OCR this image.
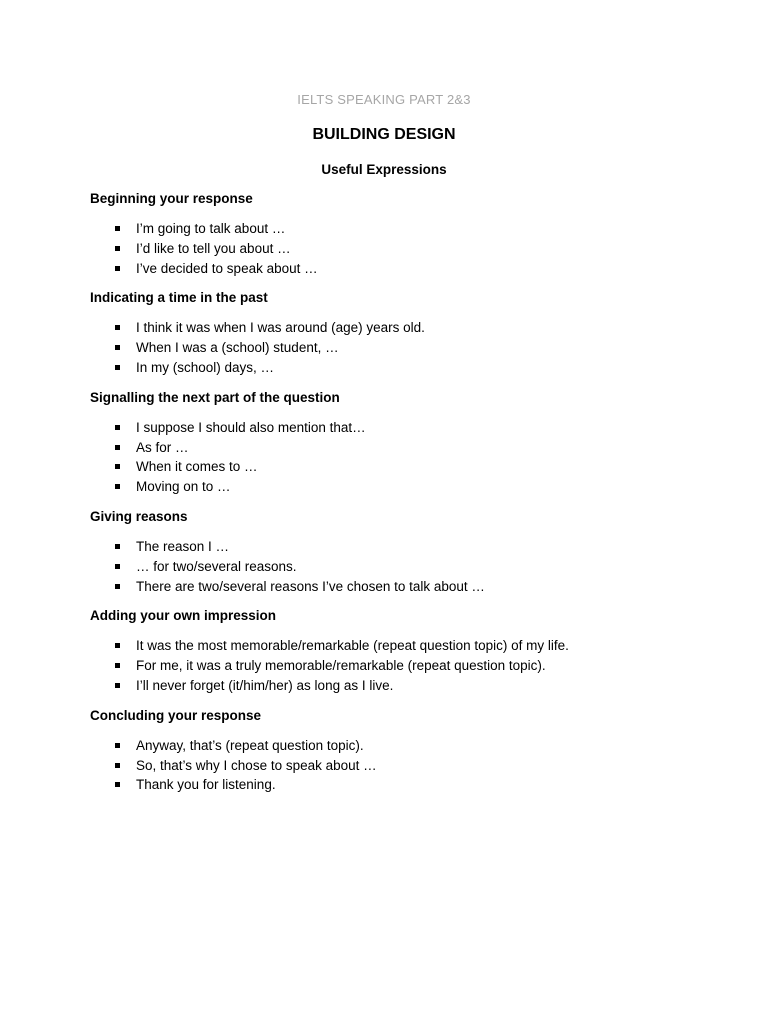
IELTS SPEAKING PART 2&3

BUILDING DESIGN

Useful Expressions

Beginning your response

I’m going to talk about …
I’d like to tell you about …
I’ve decided to speak about …

Indicating a time in the past

I think it was when I was around (age) years old.
When I was a (school) student, …
In my (school) days, …

Signalling the next part of the question

I suppose I should also mention that…
As for …
When it comes to …
Moving on to …

Giving reasons

The reason I …
… for two/several reasons.
There are two/several reasons I’ve chosen to talk about …

Adding your own impression

It was the most memorable/remarkable (repeat question topic) of my life.
For me, it was a truly memorable/remarkable (repeat question topic).
I’ll never forget (it/him/her) as long as I live.

Concluding your response

Anyway, that’s (repeat question topic).
So, that’s why I chose to speak about …
Thank you for listening.
